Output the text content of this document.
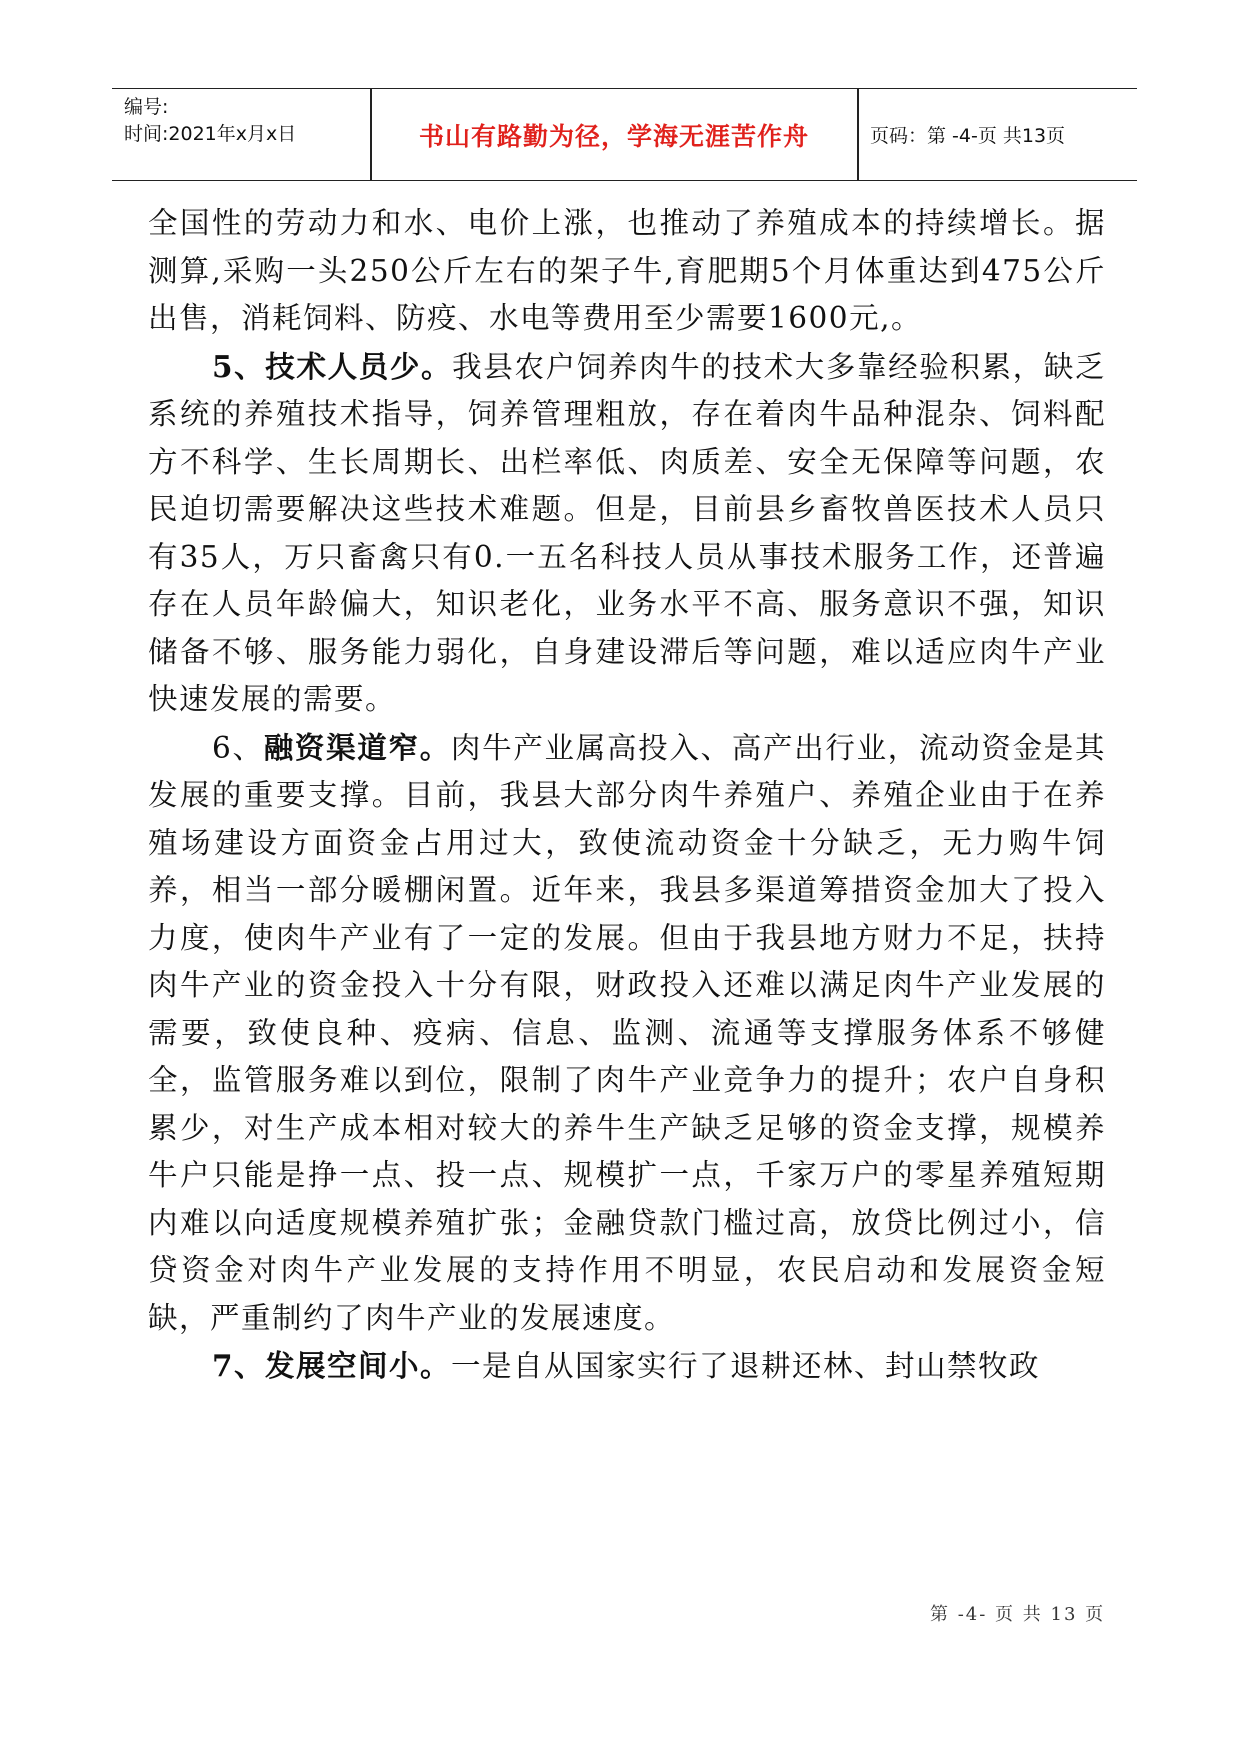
编号:
时间:2021年x月x日	书山有路勤为径，学海无涯苦作舟	页码：第 -4-页 共13页

全国性的劳动力和水、电价上涨，也推动了养殖成本的持续增长。据测算,采购一头250公斤左右的架子牛,育肥期5个月体重达到475公斤出售，消耗饲料、防疫、水电等费用至少需要1600元,。

5、技术人员少。我县农户饲养肉牛的技术大多靠经验积累，缺乏系统的养殖技术指导，饲养管理粗放，存在着肉牛品种混杂、饲料配方不科学、生长周期长、出栏率低、肉质差、安全无保障等问题，农民迫切需要解决这些技术难题。但是，目前县乡畜牧兽医技术人员只有35人，万只畜禽只有0.一五名科技人员从事技术服务工作，还普遍存在人员年龄偏大，知识老化，业务水平不高、服务意识不强，知识储备不够、服务能力弱化，自身建设滞后等问题，难以适应肉牛产业快速发展的需要。

6、融资渠道窄。肉牛产业属高投入、高产出行业，流动资金是其发展的重要支撑。目前，我县大部分肉牛养殖户、养殖企业由于在养殖场建设方面资金占用过大，致使流动资金十分缺乏，无力购牛饲养，相当一部分暖棚闲置。近年来，我县多渠道筹措资金加大了投入力度，使肉牛产业有了一定的发展。但由于我县地方财力不足，扶持肉牛产业的资金投入十分有限，财政投入还难以满足肉牛产业发展的需要，致使良种、疫病、信息、监测、流通等支撑服务体系不够健全，监管服务难以到位，限制了肉牛产业竞争力的提升；农户自身积累少，对生产成本相对较大的养牛生产缺乏足够的资金支撑，规模养牛户只能是挣一点、投一点、规模扩一点，千家万户的零星养殖短期内难以向适度规模养殖扩张；金融贷款门槛过高，放贷比例过小，信贷资金对肉牛产业发展的支持作用不明显，农民启动和发展资金短缺，严重制约了肉牛产业的发展速度。

7、发展空间小。一是自从国家实行了退耕还林、封山禁牧政

第 -4- 页 共 13 页
